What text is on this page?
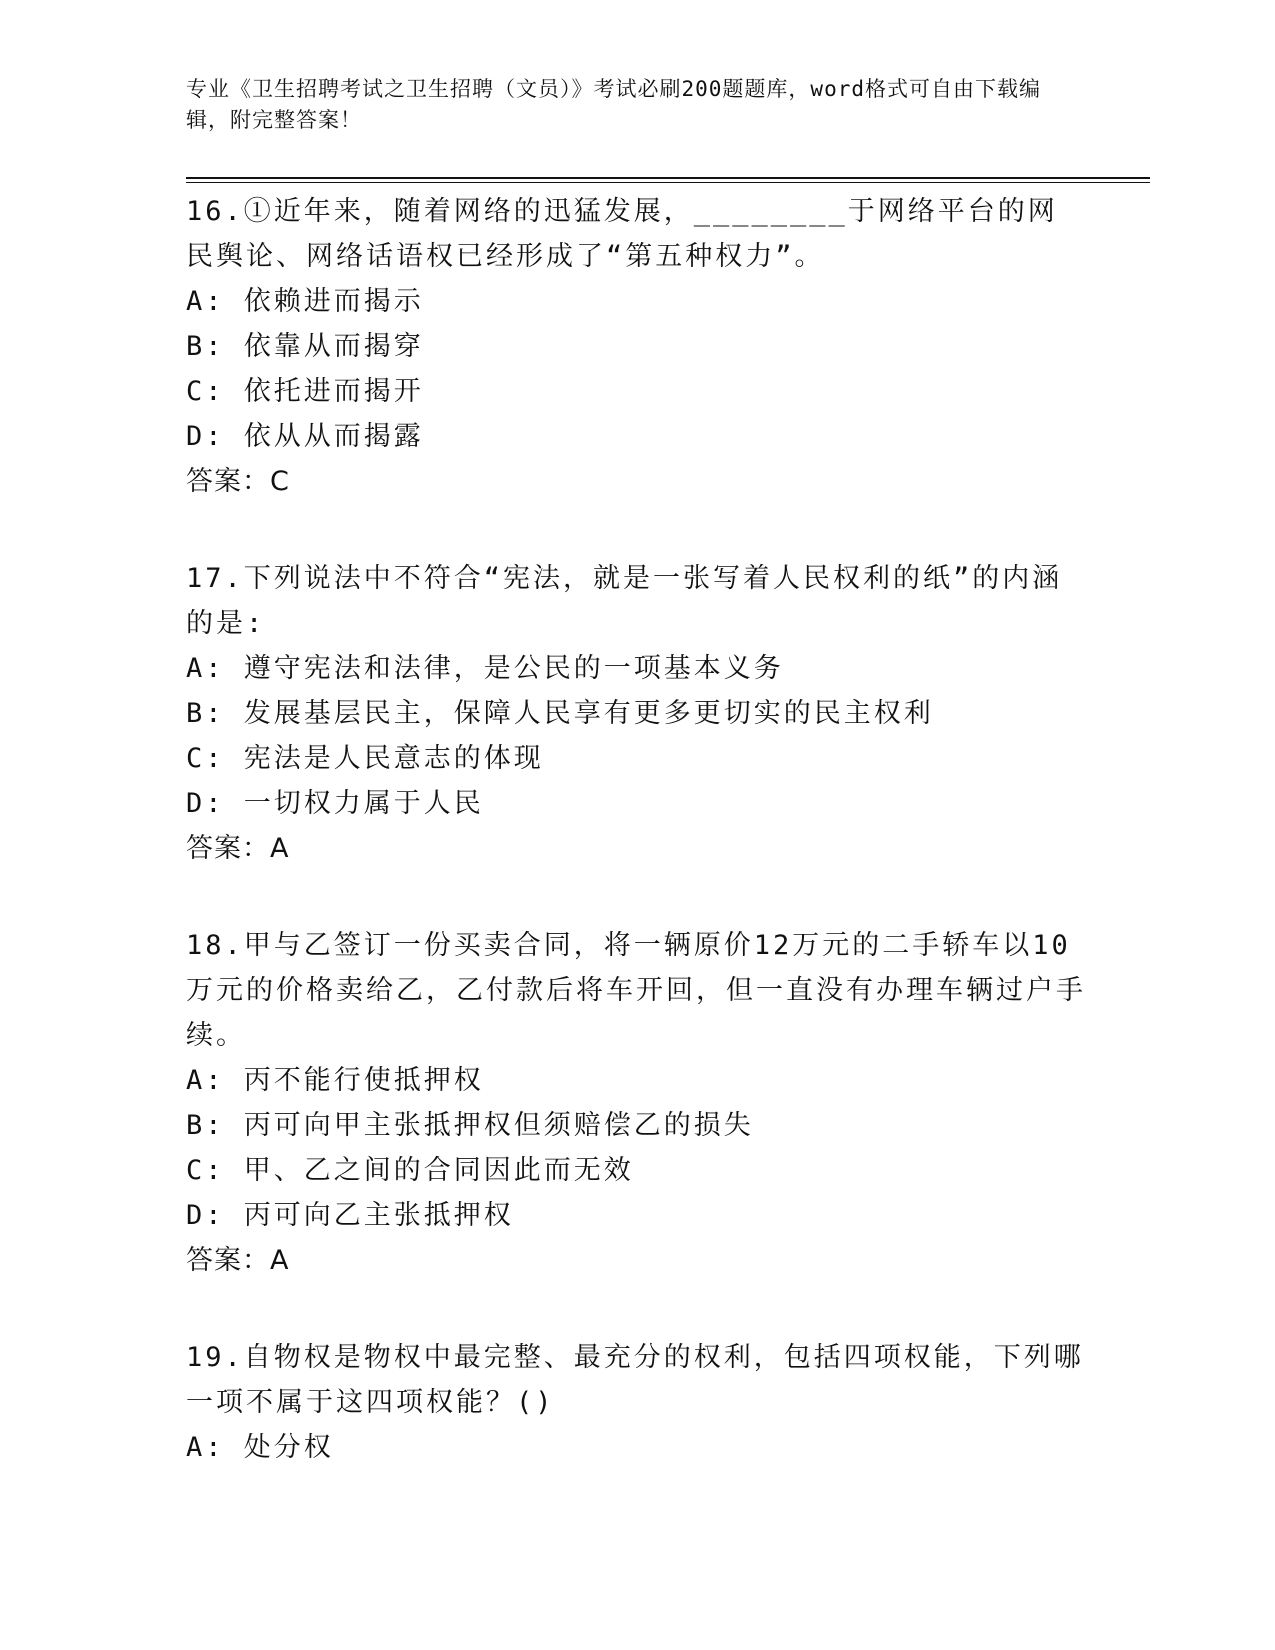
专业《卫生招聘考试之卫生招聘（文员）》考试必刷200题题库，word格式可自由下载编辑，附完整答案！

16.①近年来，随着网络的迅猛发展，________于网络平台的网民舆论、网络话语权已经形成了“第五种权力”。

A: 依赖进而揭示

B: 依靠从而揭穿

C: 依托进而揭开

D: 依从从而揭露

答案：C

17.下列说法中不符合“宪法，就是一张写着人民权利的纸”的内涵的是:

A: 遵守宪法和法律，是公民的一项基本义务

B: 发展基层民主，保障人民享有更多更切实的民主权利

C: 宪法是人民意志的体现

D: 一切权力属于人民

答案：A

18.甲与乙签订一份买卖合同，将一辆原价12万元的二手轿车以10万元的价格卖给乙，乙付款后将车开回，但一直没有办理车辆过户手续。

A: 丙不能行使抵押权

B: 丙可向甲主张抵押权但须赔偿乙的损失

C: 甲、乙之间的合同因此而无效

D: 丙可向乙主张抵押权

答案：A

19.自物权是物权中最完整、最充分的权利，包括四项权能，下列哪一项不属于这四项权能？()

A: 处分权
